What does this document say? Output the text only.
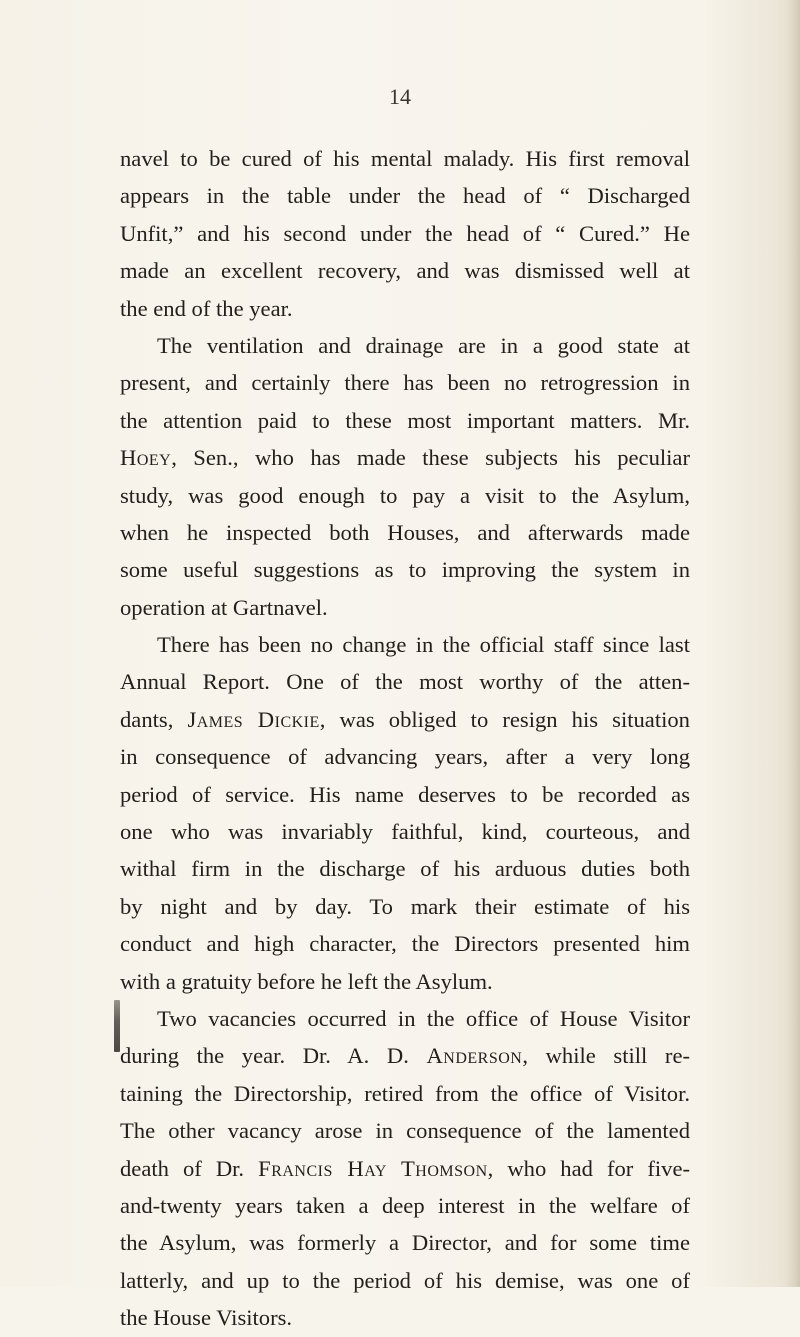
14
navel to be cured of his mental malady. His first removal
appears in the table under the head of “ Discharged
Unfit,” and his second under the head of “ Cured.” He
made an excellent recovery, and was dismissed well at
the end of the year.
The ventilation and drainage are in a good state at
present, and certainly there has been no retrogression in
the attention paid to these most important matters. Mr.
Hoey, Sen., who has made these subjects his peculiar
study, was good enough to pay a visit to the Asylum,
when he inspected both Houses, and afterwards made
some useful suggestions as to improving the system in
operation at Gartnavel.
There has been no change in the official staff since last
Annual Report. One of the most worthy of the atten-
dants, James Dickie, was obliged to resign his situation
in consequence of advancing years, after a very long
period of service. His name deserves to be recorded as
one who was invariably faithful, kind, courteous, and
withal firm in the discharge of his arduous duties both
by night and by day. To mark their estimate of his
conduct and high character, the Directors presented him
with a gratuity before he left the Asylum.
Two vacancies occurred in the office of House Visitor
during the year. Dr. A. D. Anderson, while still re-
taining the Directorship, retired from the office of Visitor.
The other vacancy arose in consequence of the lamented
death of Dr. Francis Hay Thomson, who had for five-
and-twenty years taken a deep interest in the welfare of
the Asylum, was formerly a Director, and for some time
latterly, and up to the period of his demise, was one of
the House Visitors.
